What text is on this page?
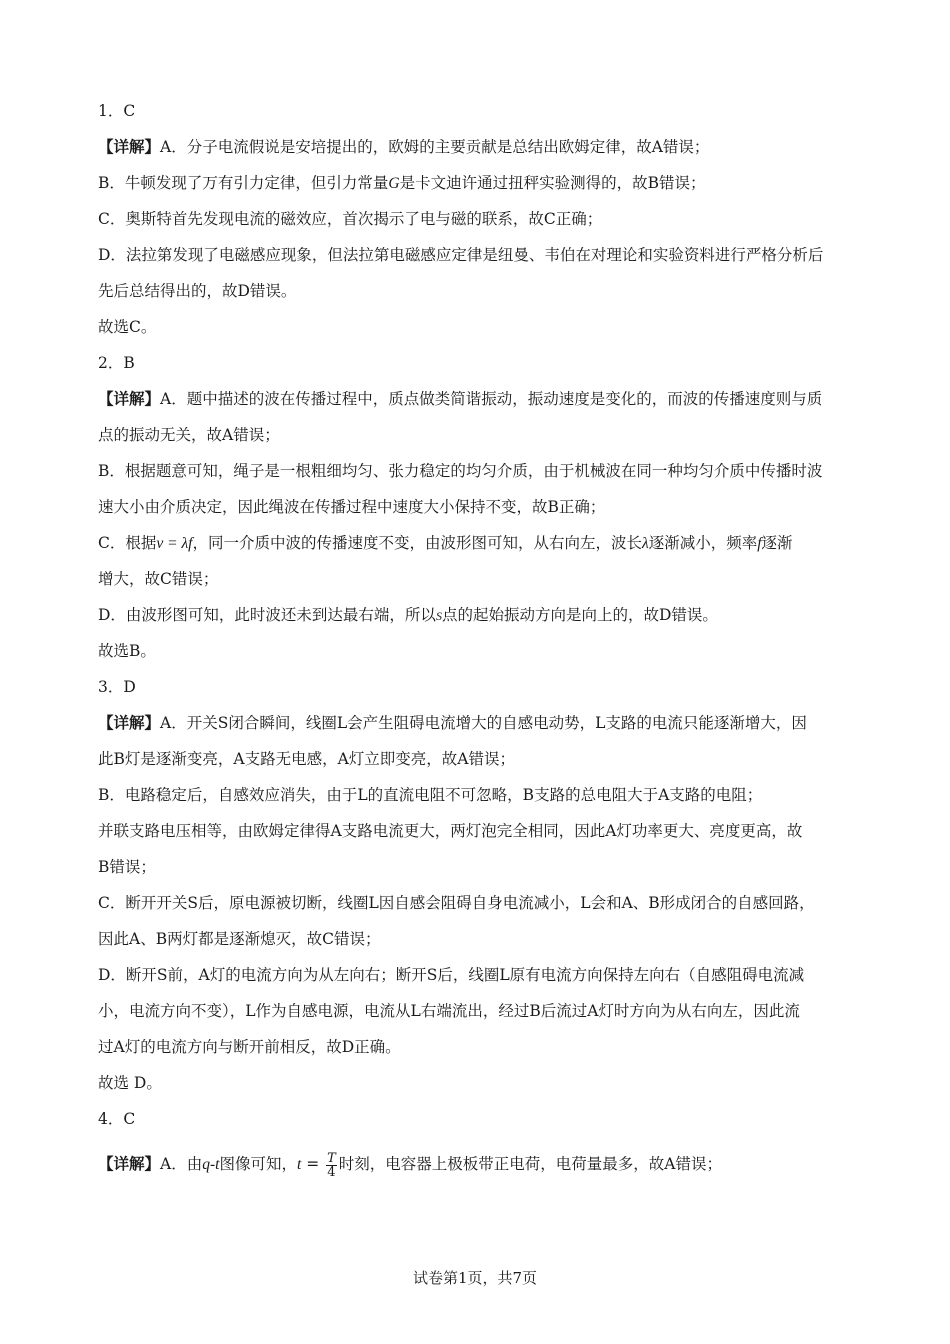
1．C
【详解】A．分子电流假说是安培提出的，欧姆的主要贡献是总结出欧姆定律，故A错误；
B．牛顿发现了万有引力定律，但引力常量G是卡文迪许通过扭秤实验测得的，故B错误；
C．奥斯特首先发现电流的磁效应，首次揭示了电与磁的联系，故C正确；
D．法拉第发现了电磁感应现象，但法拉第电磁感应定律是纽曼、韦伯在对理论和实验资料进行严格分析后
先后总结得出的，故D错误。
故选C。
2．B
【详解】A．题中描述的波在传播过程中，质点做类简谐振动，振动速度是变化的，而波的传播速度则与质
点的振动无关，故A错误；
B．根据题意可知，绳子是一根粗细均匀、张力稳定的均匀介质，由于机械波在同一种均匀介质中传播时波
速大小由介质决定，因此绳波在传播过程中速度大小保持不变，故B正确；
C．根据v = λf，同一介质中波的传播速度不变，由波形图可知，从右向左，波长λ逐渐减小，频率f逐渐
增大，故C错误；
D．由波形图可知，此时波还未到达最右端，所以S点的起始振动方向是向上的，故D错误。
故选B。
3．D
【详解】A．开关S闭合瞬间，线圈L会产生阻碍电流增大的自感电动势，L支路的电流只能逐渐增大，因
此B灯是逐渐变亮，A支路无电感，A灯立即变亮，故A错误；
B．电路稳定后，自感效应消失，由于L的直流电阻不可忽略，B支路的总电阻大于A支路的电阻；
并联支路电压相等，由欧姆定律得A支路电流更大，两灯泡完全相同，因此A灯功率更大、亮度更高，故
B错误；
C．断开开关S后，原电源被切断，线圈L因自感会阻碍自身电流减小，L会和A、B形成闭合的自感回路，
因此A、B两灯都是逐渐熄灭，故C错误；
D．断开S前，A灯的电流方向为从左向右；断开S后，线圈L原有电流方向保持左向右（自感阻碍电流减
小，电流方向不变），L作为自感电源，电流从L右端流出，经过B后流过A灯时方向为从右向左，因此流
过A灯的电流方向与断开前相反，故D正确。
故选 D。
4．C
【详解】A．由q-t图像可知，$t = \frac{T}{4}$ 时刻，电容器上极板带正电荷，电荷量最多，故A错误；
试卷第1页，共7页
